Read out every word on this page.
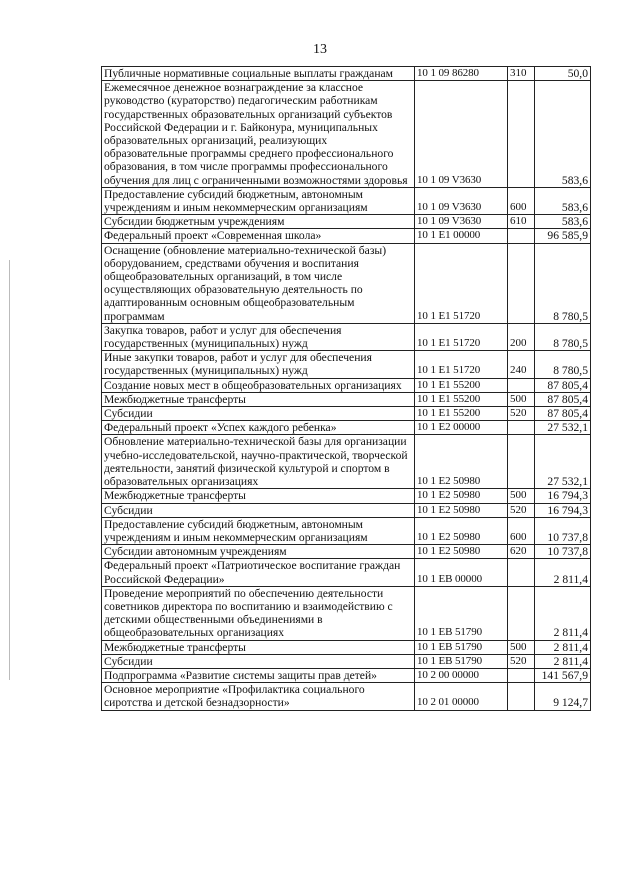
13
Публичные нормативные социальные выплаты гражданам	10 1 09 86280	310	50,0
Ежемесячное денежное вознаграждение за классное руководство (кураторство) педагогическим работникам государственных образовательных организаций субъектов Российской Федерации и г. Байконура, муниципальных образовательных организаций, реализующих образовательные программы среднего профессионального образования, в том числе программы профессионального обучения для лиц с ограниченными возможностями здоровья	10 1 09 V3630		583,6
Предоставление субсидий бюджетным, автономным учреждениям и иным некоммерческим организациям	10 1 09 V3630	600	583,6
Субсидии бюджетным учреждениям	10 1 09 V3630	610	583,6
Федеральный проект «Современная школа»	10 1 E1 00000		96 585,9
Оснащение (обновление материально-технической базы) оборудованием, средствами обучения и воспитания общеобразовательных организаций, в том числе осуществляющих образовательную деятельность по адаптированным основным общеобразовательным программам	10 1 E1 51720		8 780,5
Закупка товаров, работ и услуг для обеспечения государственных (муниципальных) нужд	10 1 E1 51720	200	8 780,5
Иные закупки товаров, работ и услуг для обеспечения государственных (муниципальных) нужд	10 1 E1 51720	240	8 780,5
Создание новых мест в общеобразовательных организациях	10 1 E1 55200		87 805,4
Межбюджетные трансферты	10 1 E1 55200	500	87 805,4
Субсидии	10 1 E1 55200	520	87 805,4
Федеральный проект «Успех каждого ребенка»	10 1 E2 00000		27 532,1
Обновление материально-технической базы для организации учебно-исследовательской, научно-практической, творческой деятельности, занятий физической культурой и спортом в образовательных организациях	10 1 E2 50980		27 532,1
Межбюджетные трансферты	10 1 E2 50980	500	16 794,3
Субсидии	10 1 E2 50980	520	16 794,3
Предоставление субсидий бюджетным, автономным учреждениям и иным некоммерческим организациям	10 1 E2 50980	600	10 737,8
Субсидии автономным учреждениям	10 1 E2 50980	620	10 737,8
Федеральный проект «Патриотическое воспитание граждан Российской Федерации»	10 1 EB 00000		2 811,4
Проведение мероприятий по обеспечению деятельности советников директора по воспитанию и взаимодействию с детскими общественными объединениями в общеобразовательных организациях	10 1 EB 51790		2 811,4
Межбюджетные трансферты	10 1 EB 51790	500	2 811,4
Субсидии	10 1 EB 51790	520	2 811,4
Подпрограмма «Развитие системы защиты прав детей»	10 2 00 00000		141 567,9
Основное мероприятие «Профилактика социального сиротства и детской безнадзорности»	10 2 01 00000		9 124,7
